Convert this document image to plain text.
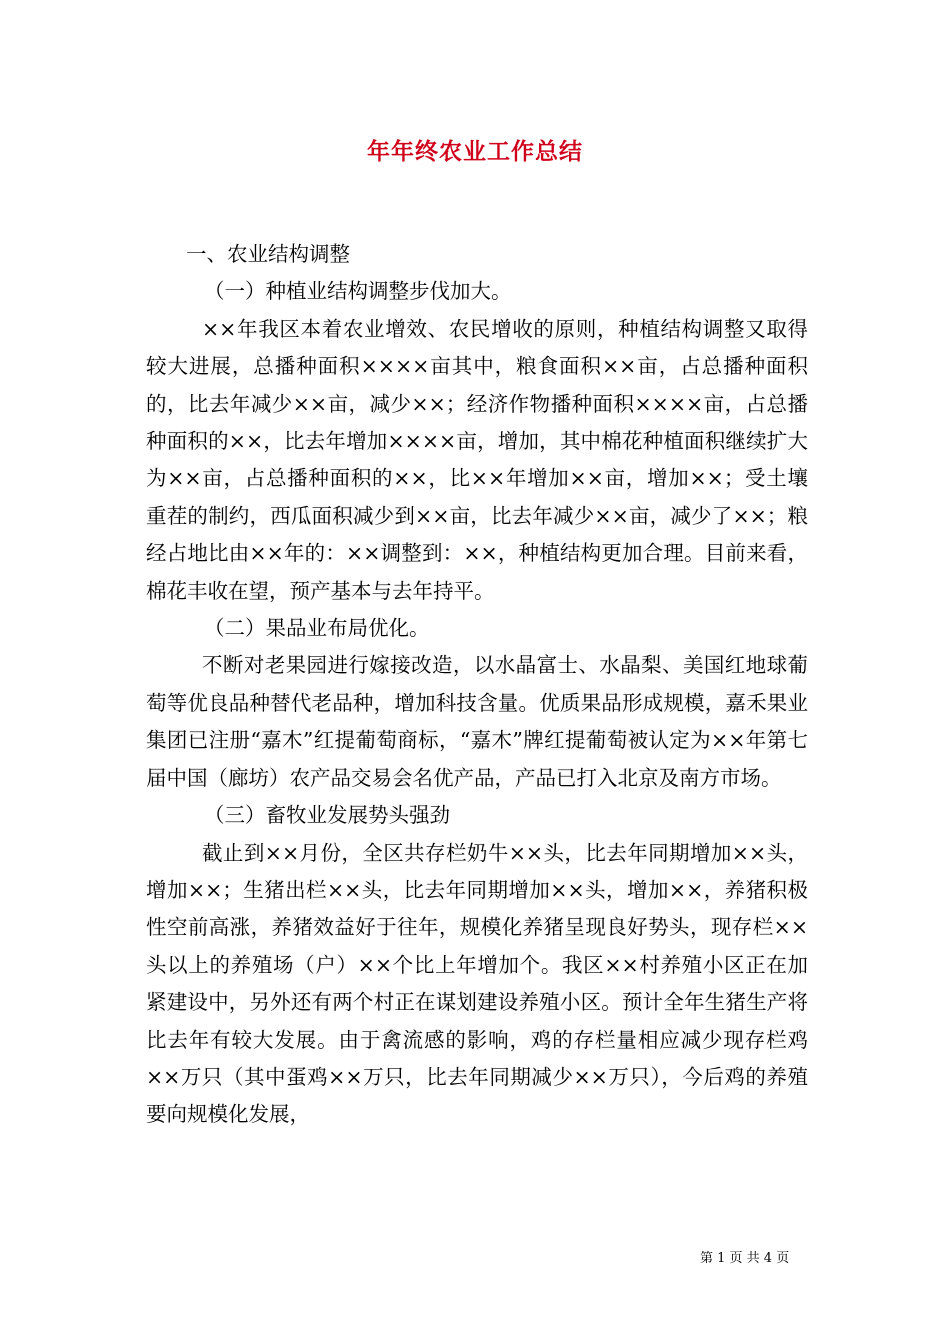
年年终农业工作总结

一、农业结构调整

（一）种植业结构调整步伐加大。

××年我区本着农业增效、农民增收的原则，种植结构调整又取得较大进展，总播种面积××××亩其中，粮食面积××亩，占总播种面积的，比去年减少××亩，减少××；经济作物播种面积××××亩，占总播种面积的××，比去年增加××××亩，增加，其中棉花种植面积继续扩大为××亩，占总播种面积的××，比××年增加××亩，增加××；受土壤重茬的制约，西瓜面积减少到××亩，比去年减少××亩，减少了××；粮经占地比由××年的：××调整到：××，种植结构更加合理。目前来看，棉花丰收在望，预产基本与去年持平。

（二）果品业布局优化。

不断对老果园进行嫁接改造，以水晶富士、水晶梨、美国红地球葡萄等优良品种替代老品种，增加科技含量。优质果品形成规模，嘉禾果业集团已注册“嘉木”红提葡萄商标，“嘉木”牌红提葡萄被认定为××年第七届中国（廊坊）农产品交易会名优产品，产品已打入北京及南方市场。

（三）畜牧业发展势头强劲

截止到××月份，全区共存栏奶牛××头，比去年同期增加××头，增加××；生猪出栏××头，比去年同期增加××头，增加××，养猪积极性空前高涨，养猪效益好于往年，规模化养猪呈现良好势头，现存栏××头以上的养殖场（户）××个比上年增加个。我区××村养殖小区正在加紧建设中，另外还有两个村正在谋划建设养殖小区。预计全年生猪生产将比去年有较大发展。由于禽流感的影响，鸡的存栏量相应减少现存栏鸡××万只（其中蛋鸡××万只，比去年同期减少××万只），今后鸡的养殖要向规模化发展，

第 1 页 共 4 页
